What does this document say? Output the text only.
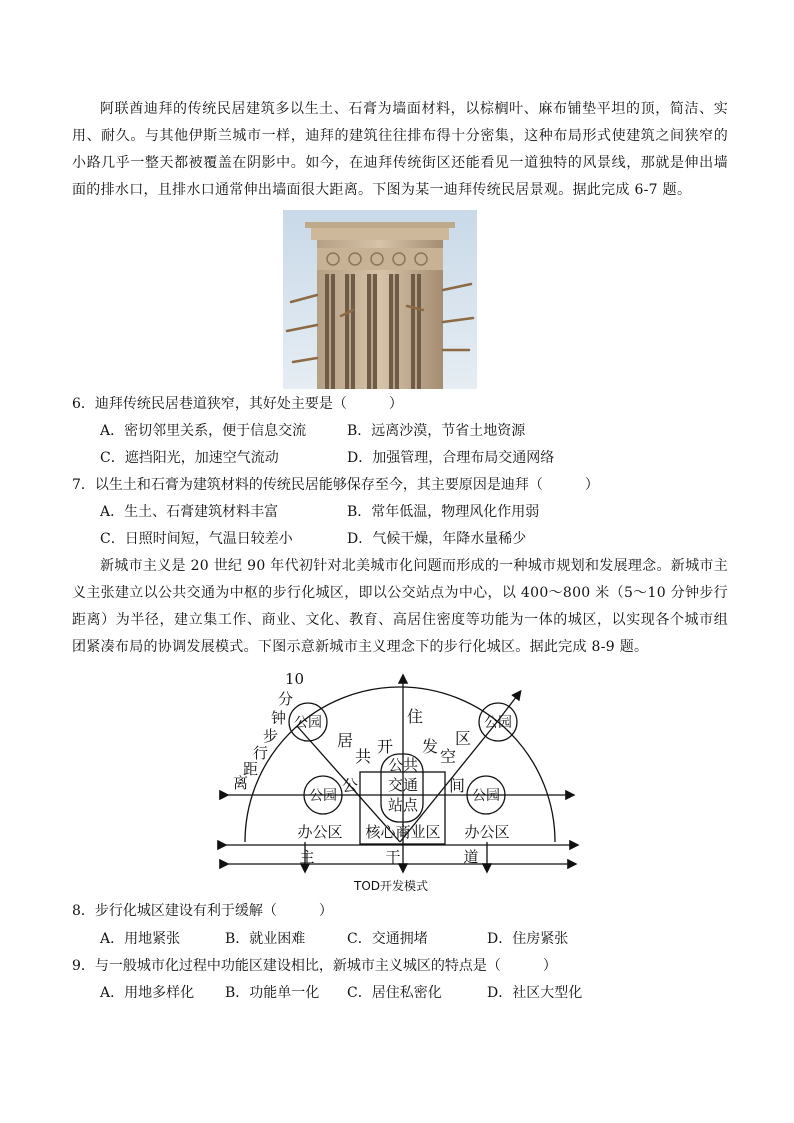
阿联酋迪拜的传统民居建筑多以生土、石膏为墙面材料，以棕榈叶、麻布铺垫平坦的顶，简洁、实用、耐久。与其他伊斯兰城市一样，迪拜的建筑往往排布得十分密集，这种布局形式使建筑之间狭窄的小路几乎一整天都被覆盖在阴影中。如今，在迪拜传统街区还能看见一道独特的风景线，那就是伸出墙面的排水口，且排水口通常伸出墙面很大距离。下图为某一迪拜传统民居景观。据此完成 6-7 题。

6．迪拜传统民居巷道狭窄，其好处主要是（　　　）

A．密切邻里关系，便于信息交流	B．远离沙漠，节省土地资源
C．遮挡阳光，加速空气流动	D．加强管理，合理布局交通网络

7．以生土和石膏为建筑材料的传统民居能够保存至今，其主要原因是迪拜（　　　）

A．生土、石膏建筑材料丰富	B．常年低温，物理风化作用弱
C．日照时间短，气温日较差小	D．气候干燥，年降水量稀少

新城市主义是 20 世纪 90 年代初针对北美城市化问题而形成的一种城市规划和发展理念。新城市主义主张建立以公共交通为中枢的步行化城区，即以公交站点为中心，以 400～800 米（5～10 分钟步行距离）为半径，建立集工作、商业、文化、教育、高居住密度等功能为一体的城区，以实现各个城市组团紧凑布局的协调发展模式。下图示意新城市主义理念下的步行化城区。据此完成 8-9 题。

10
分
钟
步
行
距
离
公园	公园
公园	公园
居
住
区
共
开 发
空
间
公
公共
交通
站点
办公区 核心商业区 办公区
主	干	道
TOD开发模式

8．步行化城区建设有利于缓解（　　　）

A．用地紧张	B．就业困难	C．交通拥堵	D．住房紧张

9．与一般城市化过程中功能区建设相比，新城市主义城区的特点是（　　　）

A．用地多样化 B．功能单一化 C．居住私密化	D．社区大型化
